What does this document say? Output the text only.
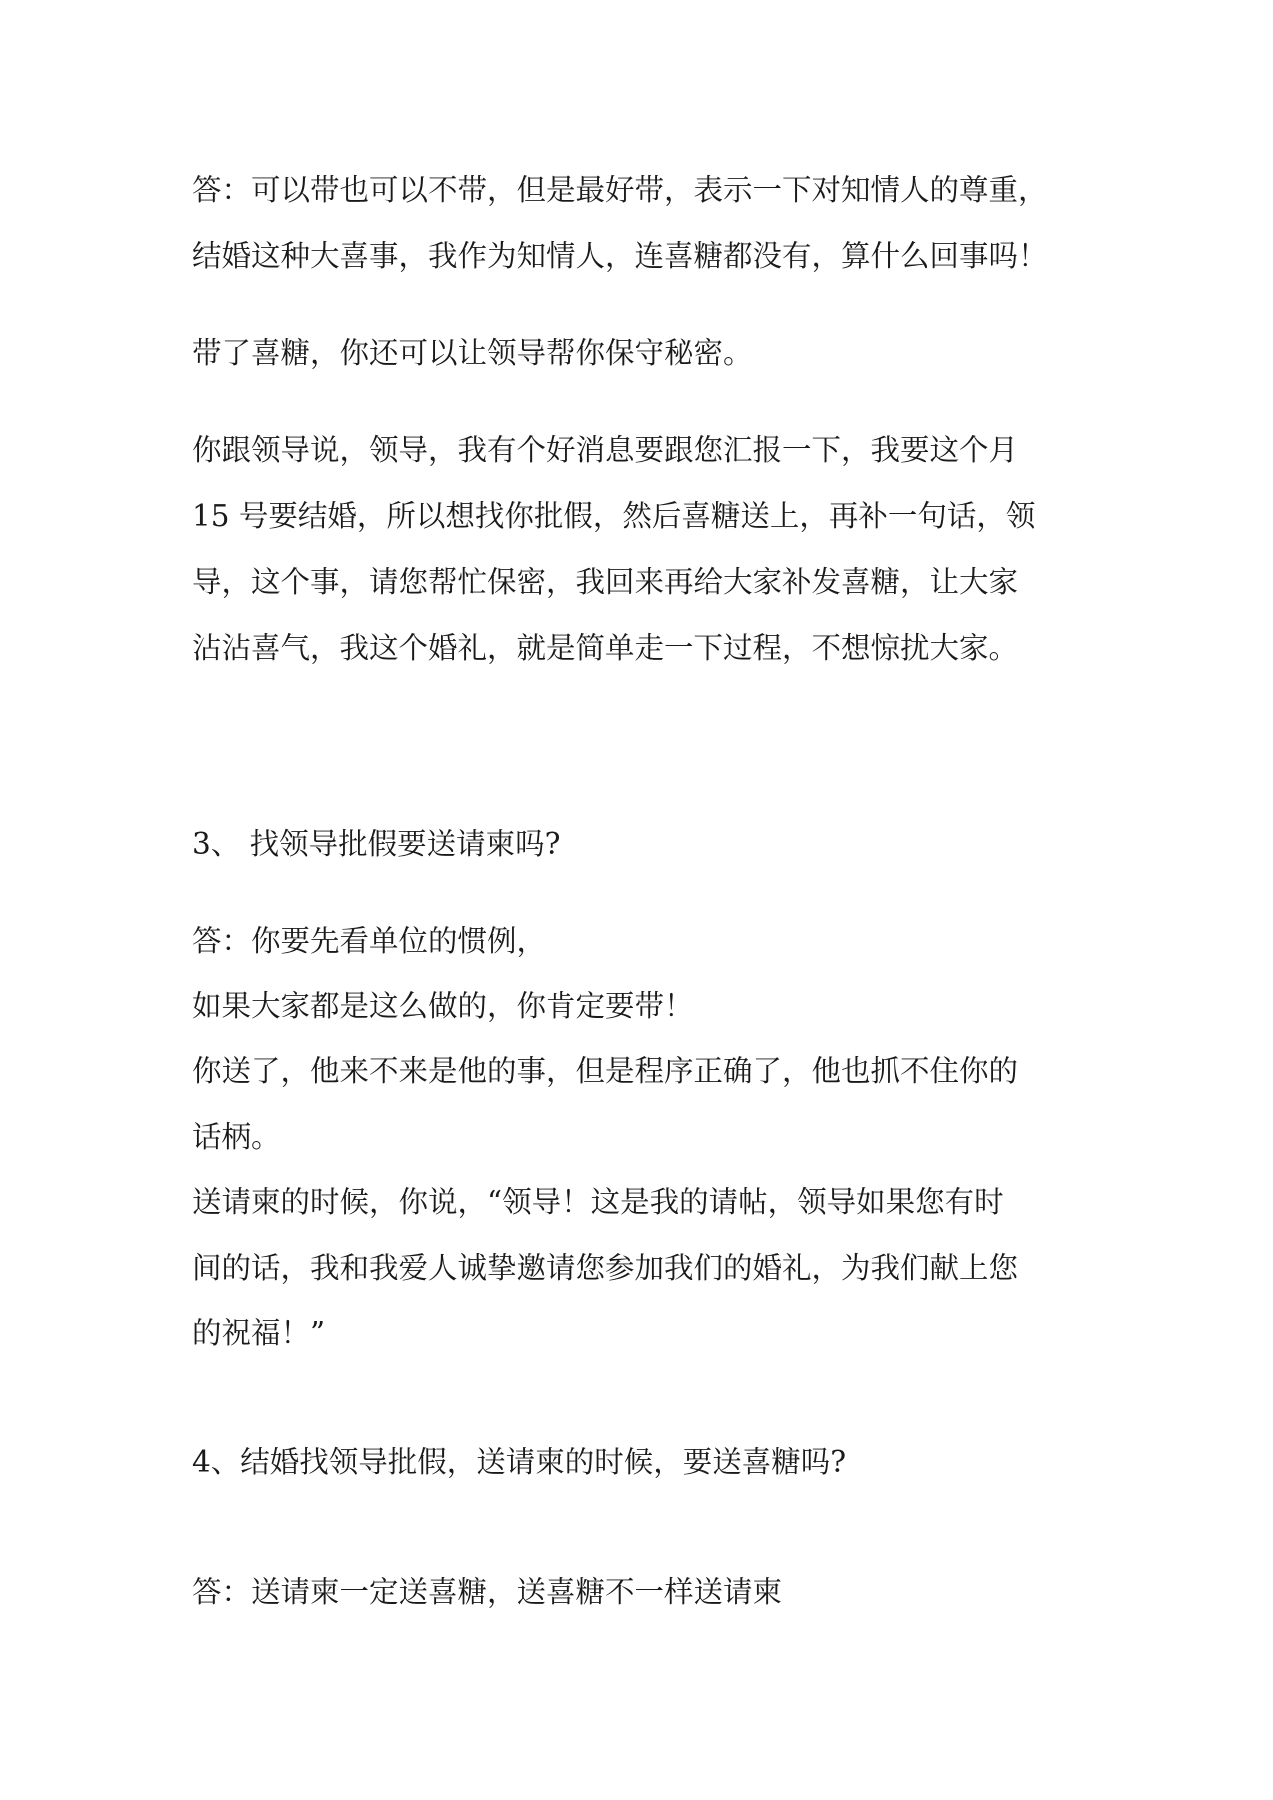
答：可以带也可以不带，但是最好带，表示一下对知情人的尊重，

结婚这种大喜事，我作为知情人，连喜糖都没有，算什么回事吗！

带了喜糖，你还可以让领导帮你保守秘密。

你跟领导说，领导，我有个好消息要跟您汇报一下，我要这个月

15 号要结婚，所以想找你批假，然后喜糖送上，再补一句话，领

导，这个事，请您帮忙保密，我回来再给大家补发喜糖，让大家

沾沾喜气，我这个婚礼，就是简单走一下过程，不想惊扰大家。

3、 找领导批假要送请柬吗?

答：你要先看单位的惯例，

如果大家都是这么做的，你肯定要带！

你送了，他来不来是他的事，但是程序正确了，他也抓不住你的

话柄。

送请柬的时候，你说，“领导！这是我的请帖，领导如果您有时

间的话，我和我爱人诚挚邀请您参加我们的婚礼，为我们献上您

的祝福！”

4、结婚找领导批假，送请柬的时候，要送喜糖吗?

答：送请柬一定送喜糖，送喜糖不一样送请柬
